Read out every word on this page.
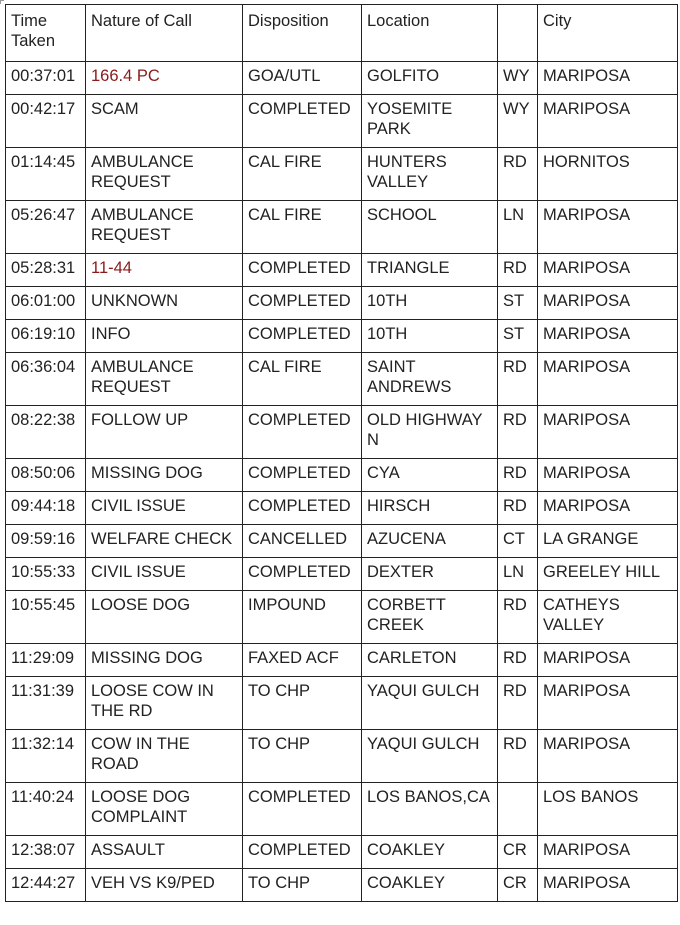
Time Taken	Nature of Call	Disposition	Location		City
00:37:01	166.4 PC	GOA/UTL	GOLFITO	WY	MARIPOSA
00:42:17	SCAM	COMPLETED	YOSEMITE PARK	WY	MARIPOSA
01:14:45	AMBULANCE REQUEST	CAL FIRE	HUNTERS VALLEY	RD	HORNITOS
05:26:47	AMBULANCE REQUEST	CAL FIRE	SCHOOL	LN	MARIPOSA
05:28:31	11-44	COMPLETED	TRIANGLE	RD	MARIPOSA
06:01:00	UNKNOWN	COMPLETED	10TH	ST	MARIPOSA
06:19:10	INFO	COMPLETED	10TH	ST	MARIPOSA
06:36:04	AMBULANCE REQUEST	CAL FIRE	SAINT ANDREWS	RD	MARIPOSA
08:22:38	FOLLOW UP	COMPLETED	OLD HIGHWAY N	RD	MARIPOSA
08:50:06	MISSING DOG	COMPLETED	CYA	RD	MARIPOSA
09:44:18	CIVIL ISSUE	COMPLETED	HIRSCH	RD	MARIPOSA
09:59:16	WELFARE CHECK	CANCELLED	AZUCENA	CT	LA GRANGE
10:55:33	CIVIL ISSUE	COMPLETED	DEXTER	LN	GREELEY HILL
10:55:45	LOOSE DOG	IMPOUND	CORBETT CREEK	RD	CATHEYS VALLEY
11:29:09	MISSING DOG	FAXED ACF	CARLETON	RD	MARIPOSA
11:31:39	LOOSE COW IN THE RD	TO CHP	YAQUI GULCH	RD	MARIPOSA
11:32:14	COW IN THE ROAD	TO CHP	YAQUI GULCH	RD	MARIPOSA
11:40:24	LOOSE DOG COMPLAINT	COMPLETED	LOS BANOS,CA		LOS BANOS
12:38:07	ASSAULT	COMPLETED	COAKLEY	CR	MARIPOSA
12:44:27	VEH VS K9/PED	TO CHP	COAKLEY	CR	MARIPOSA
